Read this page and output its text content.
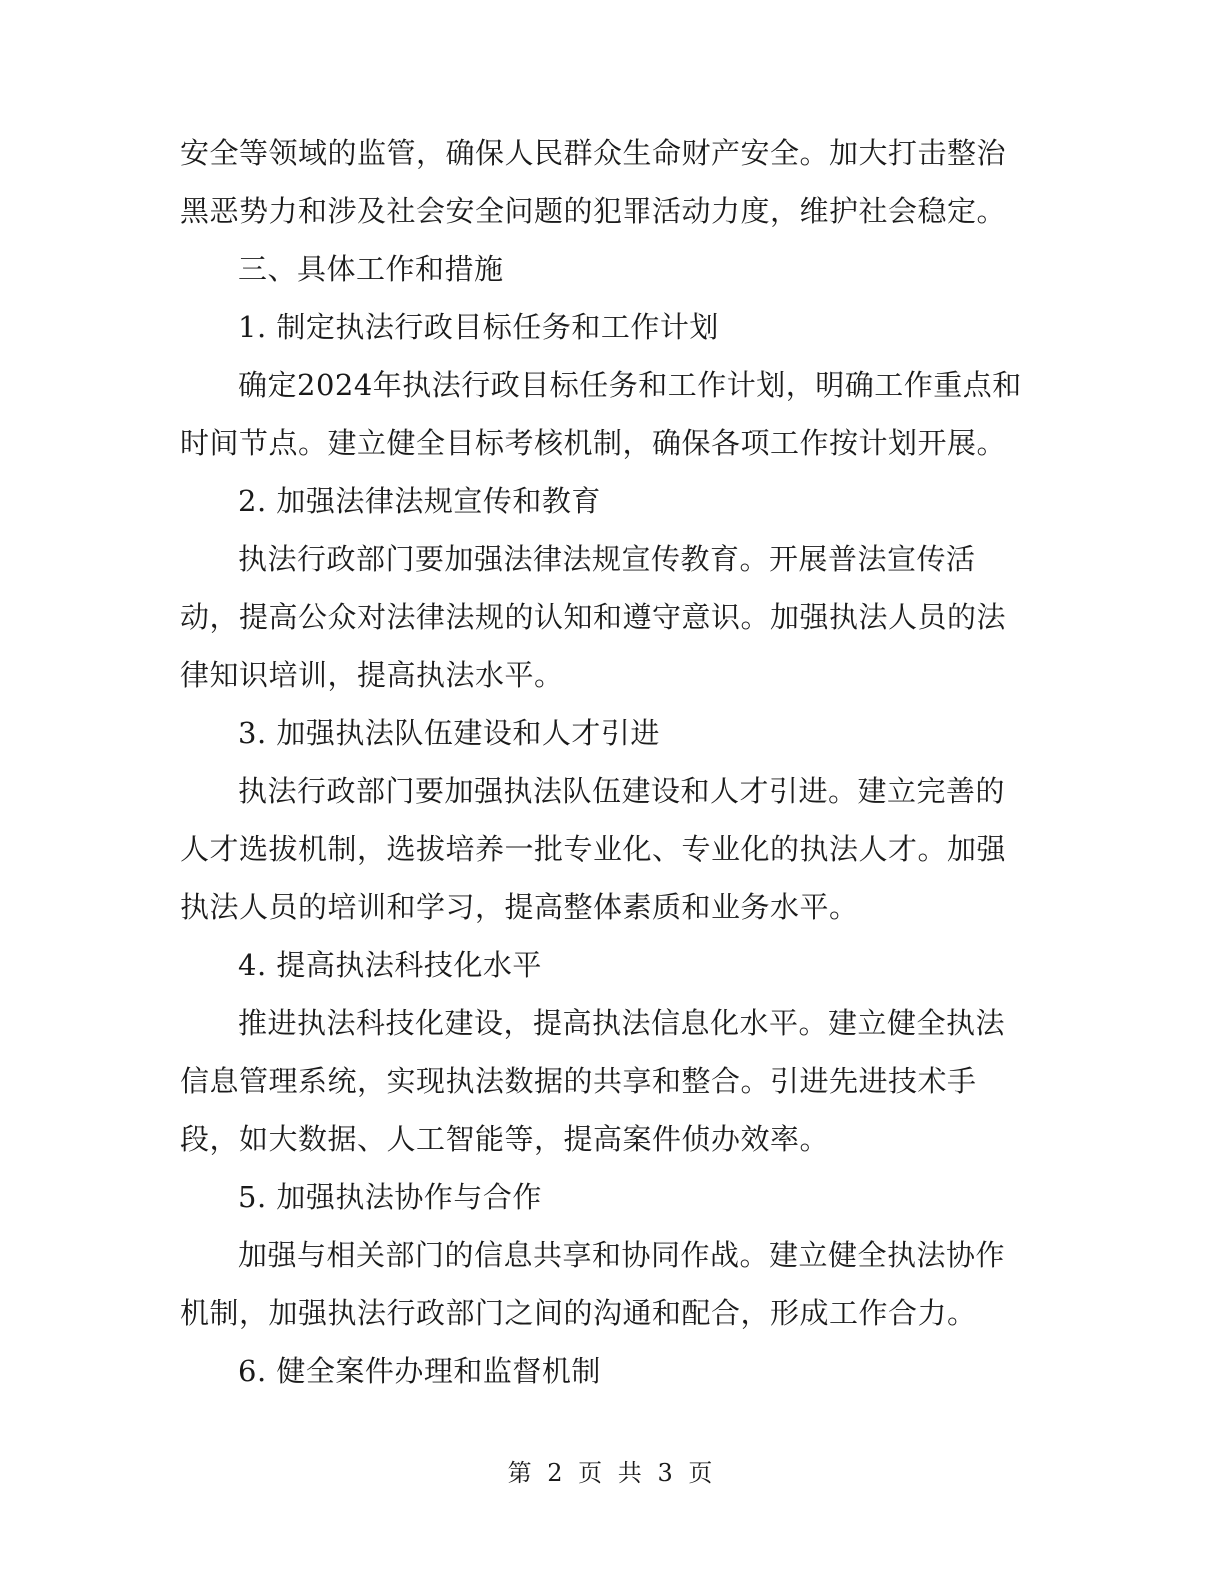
安全等领域的监管，确保人民群众生命财产安全。加大打击整治
黑恶势力和涉及社会安全问题的犯罪活动力度，维护社会稳定。
三、具体工作和措施
1. 制定执法行政目标任务和工作计划
确定2024年执法行政目标任务和工作计划，明确工作重点和
时间节点。建立健全目标考核机制，确保各项工作按计划开展。
2. 加强法律法规宣传和教育
执法行政部门要加强法律法规宣传教育。开展普法宣传活
动，提高公众对法律法规的认知和遵守意识。加强执法人员的法
律知识培训，提高执法水平。
3. 加强执法队伍建设和人才引进
执法行政部门要加强执法队伍建设和人才引进。建立完善的
人才选拔机制，选拔培养一批专业化、专业化的执法人才。加强
执法人员的培训和学习，提高整体素质和业务水平。
4. 提高执法科技化水平
推进执法科技化建设，提高执法信息化水平。建立健全执法
信息管理系统，实现执法数据的共享和整合。引进先进技术手
段，如大数据、人工智能等，提高案件侦办效率。
5. 加强执法协作与合作
加强与相关部门的信息共享和协同作战。建立健全执法协作
机制，加强执法行政部门之间的沟通和配合，形成工作合力。
6. 健全案件办理和监督机制
第 2 页 共 3 页
